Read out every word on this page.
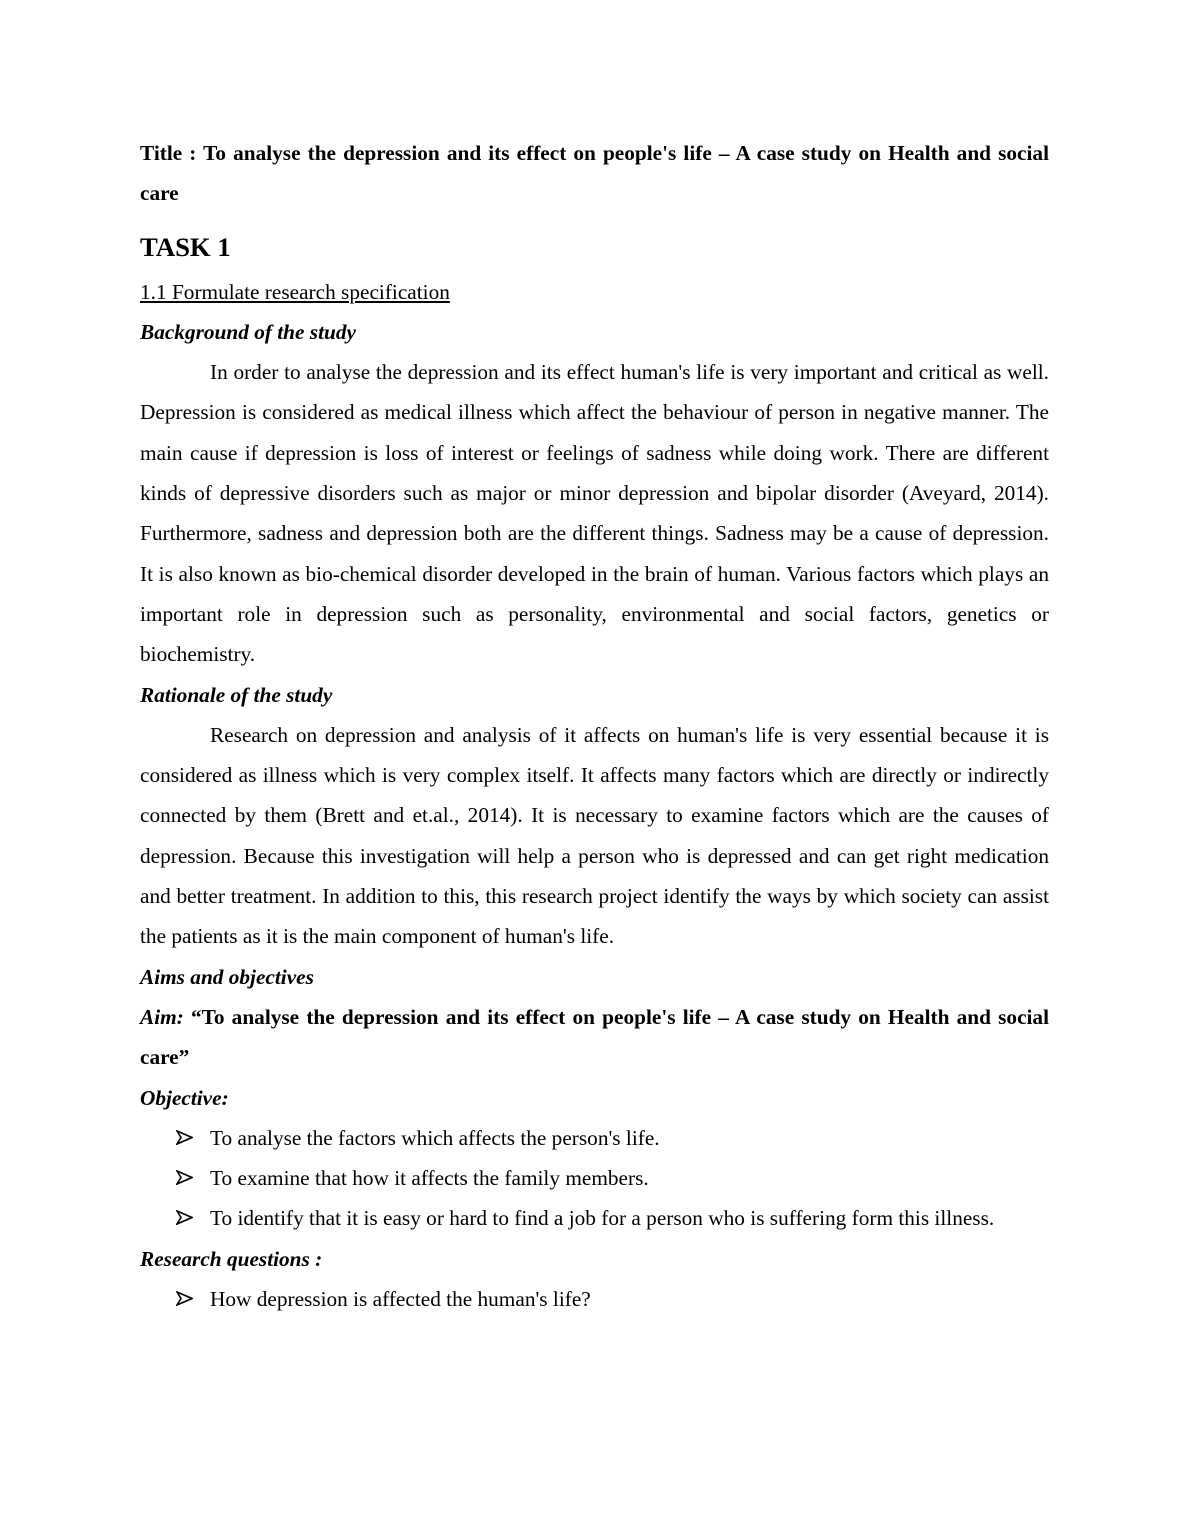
Title : To analyse the depression and its effect on people's life – A case study on Health and social care

TASK 1

1.1 Formulate research specification

Background of the study

In order to analyse the depression and its effect human's life is very important and critical as well. Depression is considered as medical illness which affect the behaviour of person in negative manner. The main cause if depression is loss of interest or feelings of sadness while doing work. There are different kinds of depressive disorders such as major or minor depression and bipolar disorder (Aveyard, 2014). Furthermore, sadness and depression both are the different things. Sadness may be a cause of depression. It is also known as bio-chemical disorder developed in the brain of human. Various factors which plays an important role in depression such as personality, environmental and social factors, genetics or biochemistry.

Rationale of the study

Research on depression and analysis of it affects on human's life is very essential because it is considered as illness which is very complex itself. It affects many factors which are directly or indirectly connected by them (Brett and et.al., 2014). It is necessary to examine factors which are the causes of depression. Because this investigation will help a person who is depressed and can get right medication and better treatment. In addition to this, this research project identify the ways by which society can assist the patients as it is the main component of human's life.

Aims and objectives

Aim: “To analyse the depression and its effect on people's life – A case study on Health and social care”

Objective:

To analyse the factors which affects the person's life.
To examine that how it affects the family members.
To identify that it is easy or hard to find a job for a person who is suffering form this illness.

Research questions :

How depression is affected the human's life?
